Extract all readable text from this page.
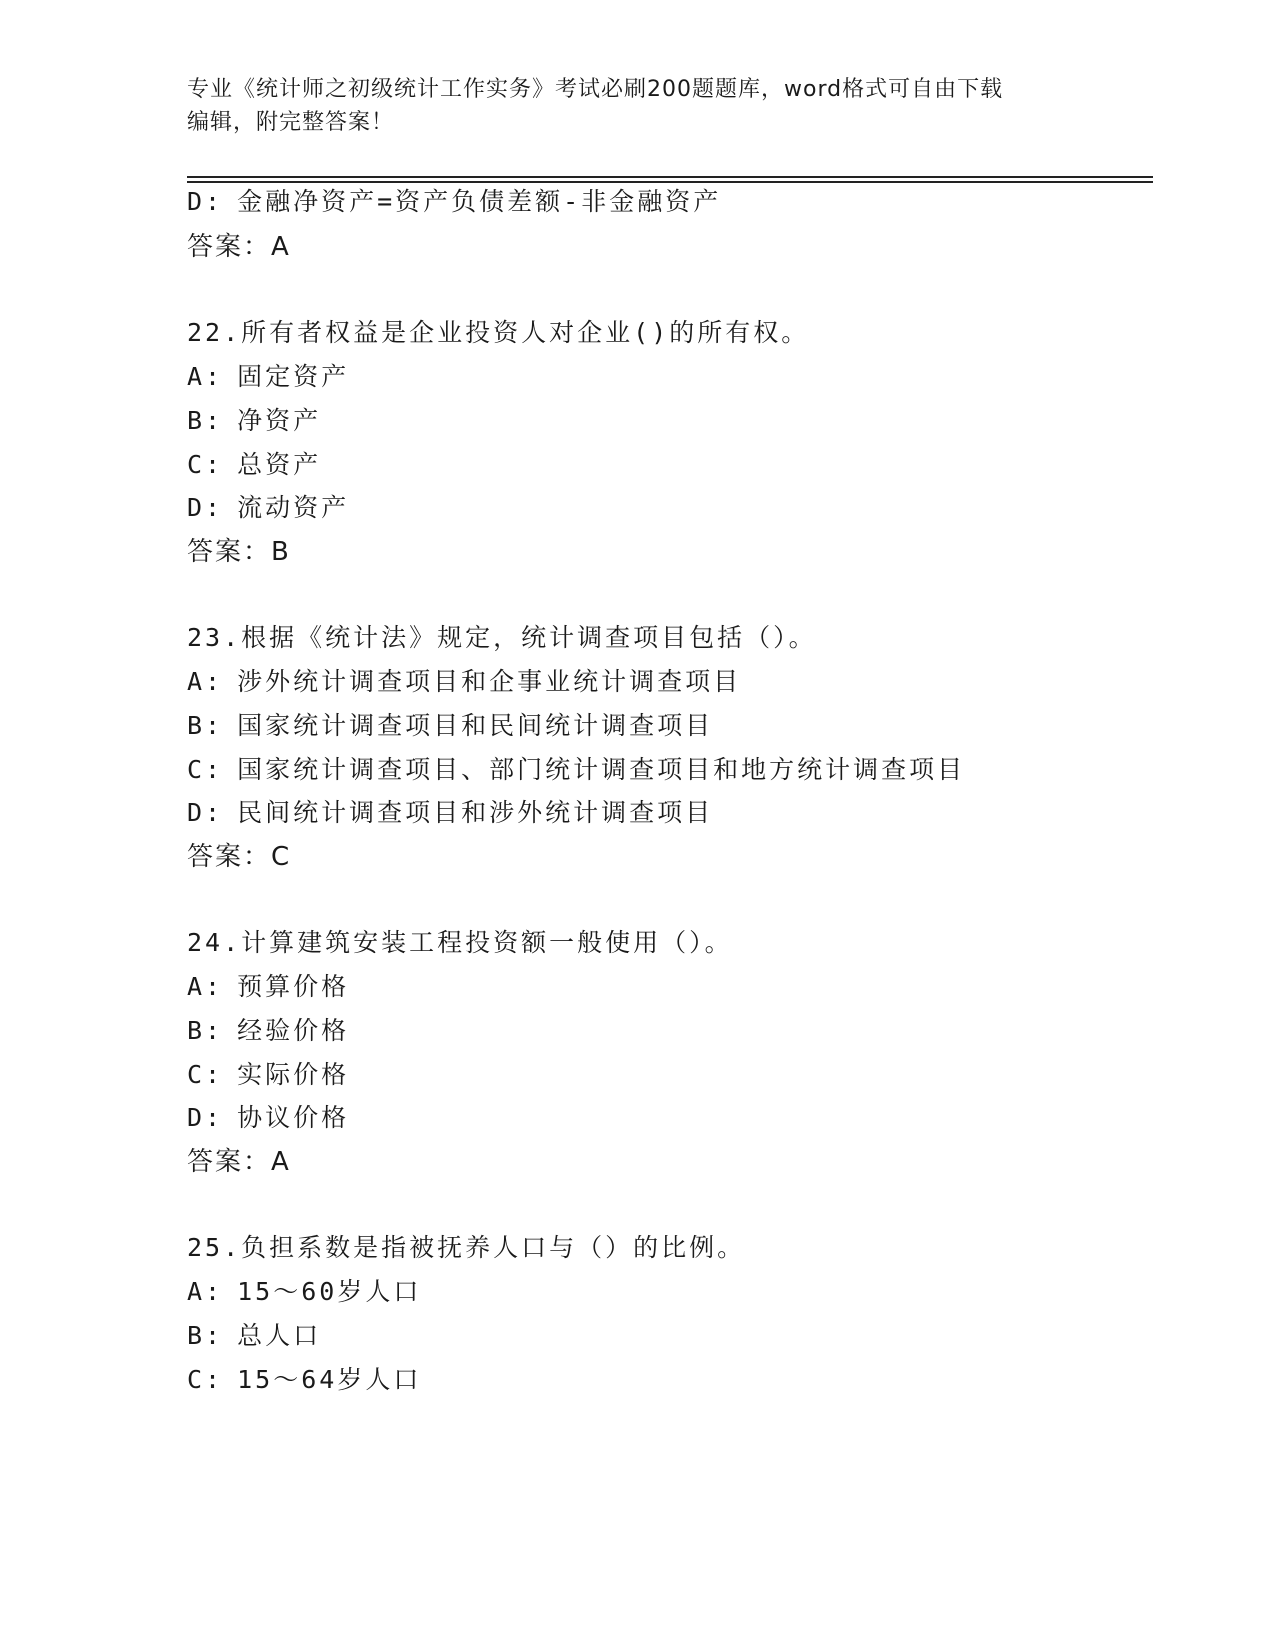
专业《统计师之初级统计工作实务》考试必刷200题题库，word格式可自由下载
编辑，附完整答案！
D: 金融净资产=资产负债差额-非金融资产
答案：A
22.所有者权益是企业投资人对企业()的所有权。
A: 固定资产
B: 净资产
C: 总资产
D: 流动资产
答案：B
23.根据《统计法》规定，统计调查项目包括（）。
A: 涉外统计调查项目和企事业统计调查项目
B: 国家统计调查项目和民间统计调查项目
C: 国家统计调查项目、部门统计调查项目和地方统计调查项目
D: 民间统计调查项目和涉外统计调查项目
答案：C
24.计算建筑安装工程投资额一般使用（）。
A: 预算价格
B: 经验价格
C: 实际价格
D: 协议价格
答案：A
25.负担系数是指被抚养人口与（）的比例。
A: 15～60岁人口
B: 总人口
C: 15～64岁人口
